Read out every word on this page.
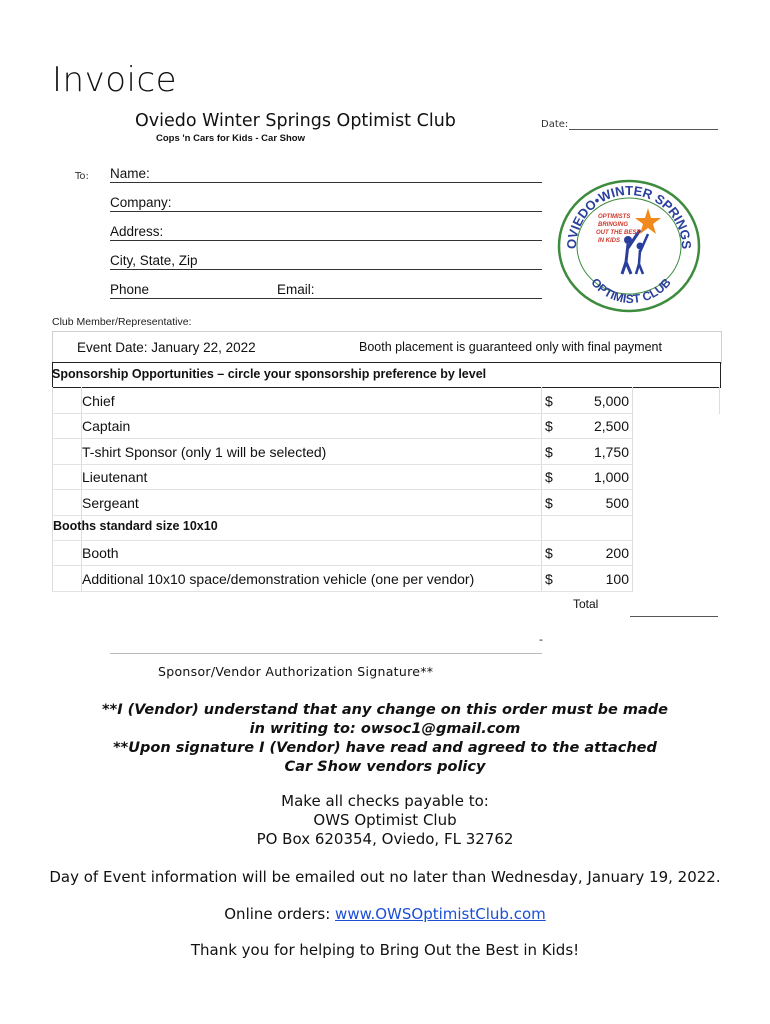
Invoice
Oviedo Winter Springs Optimist Club
Cops 'n Cars for Kids - Car Show
Date:
To: Name:
Company:
Address:
City, State, Zip
Phone	Email:
OVIEDO•WINTER SPRINGS
OPTIMIST CLUB
OPTIMISTS
BRINGING
OUT THE BEST
IN KIDS
Club Member/Representative:
Event Date: January 22, 2022	Booth placement is guaranteed only with final payment
Sponsorship Opportunities – circle your sponsorship preference by level
Chief	$	5,000
Captain	$	2,500
T-shirt Sponsor (only 1 will be selected)	$	1,750
Lieutenant	$	1,000
Sergeant	$	500
Booths standard size 10x10
Booth	$	200
Additional 10x10 space/demonstration vehicle (one per vendor)	$	100
Total
-
Sponsor/Vendor Authorization Signature**
**I (Vendor) understand that any change on this order must be made
in writing to: owsoc1@gmail.com
**Upon signature I (Vendor) have read and agreed to the attached
Car Show vendors policy
Make all checks payable to:
OWS Optimist Club
PO Box 620354, Oviedo, FL 32762
Day of Event information will be emailed out no later than Wednesday, January 19, 2022.
Online orders: www.OWSOptimistClub.com
Thank you for helping to Bring Out the Best in Kids!
